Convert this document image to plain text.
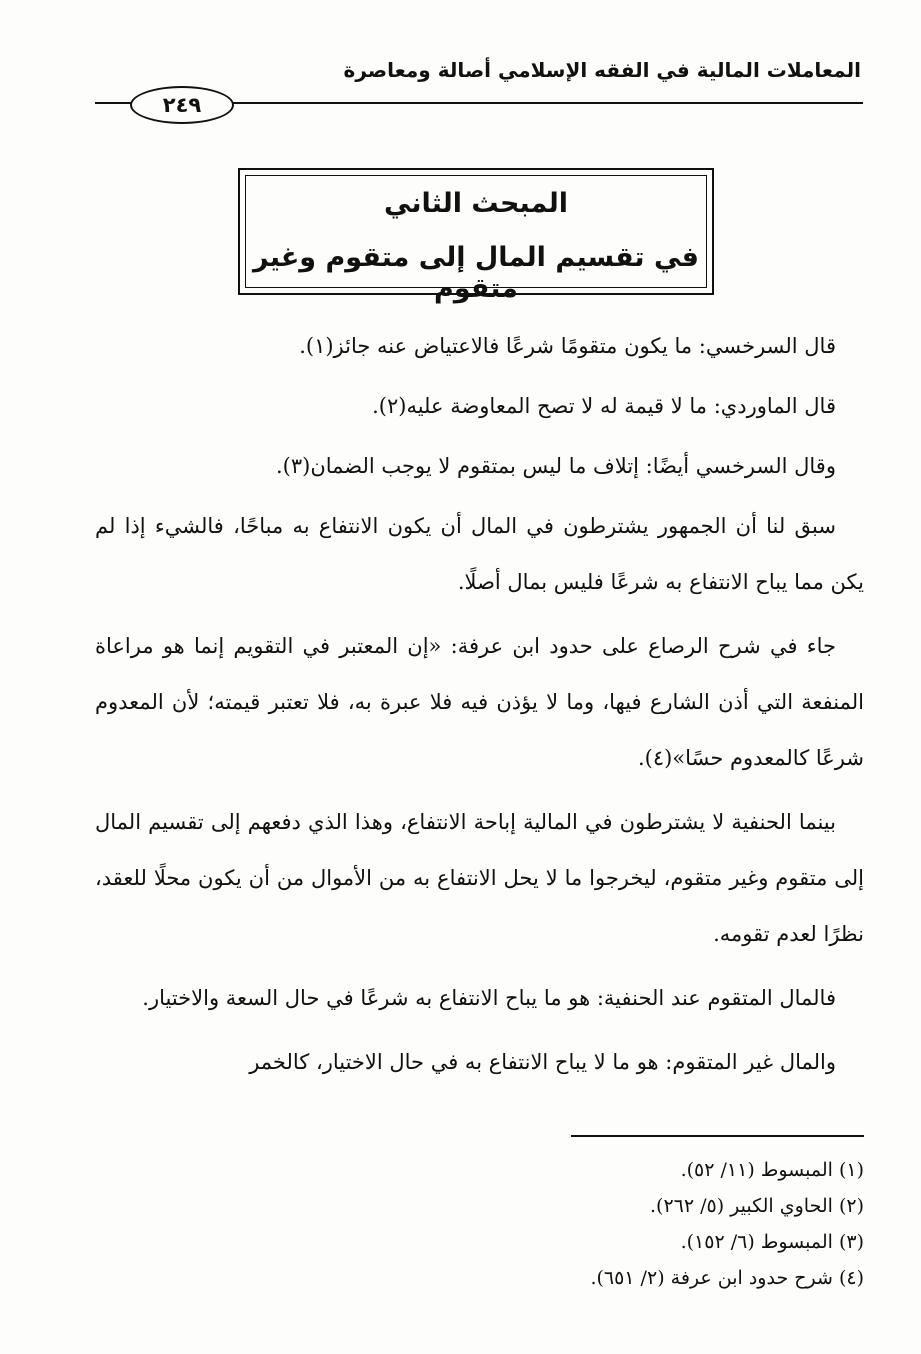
المعاملات المالية في الفقه الإسلامي أصالة ومعاصرة
٢٤٩
المبحث الثاني
في تقسيم المال إلى متقوم وغير متقوم

قال السرخسي: ما يكون متقومًا شرعًا فالاعتياض عنه جائز(١).

قال الماوردي: ما لا قيمة له لا تصح المعاوضة عليه(٢).

وقال السرخسي أيضًا: إتلاف ما ليس بمتقوم لا يوجب الضمان(٣).

سبق لنا أن الجمهور يشترطون في المال أن يكون الانتفاع به مباحًا، فالشيء إذا لم يكن مما يباح الانتفاع به شرعًا فليس بمال أصلًا.

جاء في شرح الرصاع على حدود ابن عرفة: «إن المعتبر في التقويم إنما هو مراعاة المنفعة التي أذن الشارع فيها، وما لا يؤذن فيه فلا عبرة به، فلا تعتبر قيمته؛ لأن المعدوم شرعًا كالمعدوم حسًا»(٤).

بينما الحنفية لا يشترطون في المالية إباحة الانتفاع، وهذا الذي دفعهم إلى تقسيم المال إلى متقوم وغير متقوم، ليخرجوا ما لا يحل الانتفاع به من الأموال من أن يكون محلًا للعقد، نظرًا لعدم تقومه.

فالمال المتقوم عند الحنفية: هو ما يباح الانتفاع به شرعًا في حال السعة والاختيار.

والمال غير المتقوم: هو ما لا يباح الانتفاع به في حال الاختيار، كالخمر

(١) المبسوط (١١/ ٥٢).
(٢) الحاوي الكبير (٥/ ٢٦٢).
(٣) المبسوط (٦/ ١٥٢).
(٤) شرح حدود ابن عرفة (٢/ ٦٥١).
